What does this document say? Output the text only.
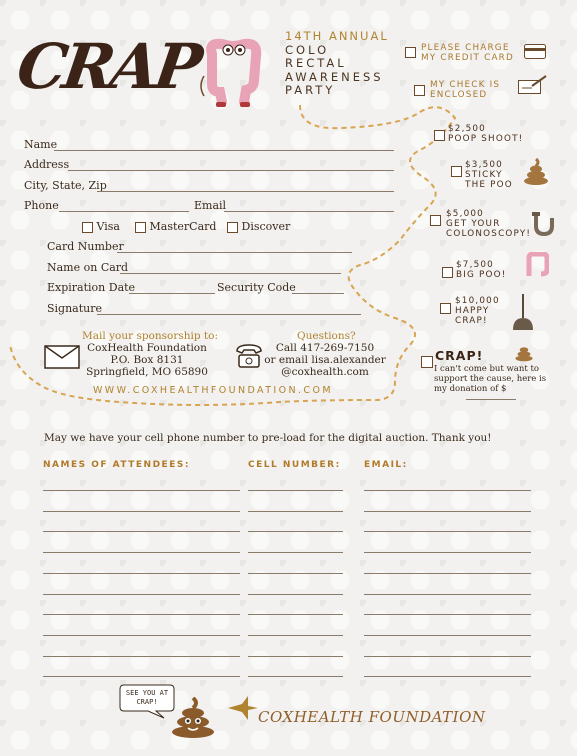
CRAP	14TH ANNUAL
COLO
RECTAL
AWARENESS
PARTY
PLEASE CHARGE MY CREDIT CARD
MY CHECK IS ENCLOSED
$2,500
POOP SHOOT!
$3,500
STICKY THE POO
$5,000
GET YOUR COLONOSCOPY!
$7,500
BIG POO!
$10,000
HAPPY CRAP!
CRAP!
I can't come but want to support the cause, here is my donation of $
Name
Address
City, State, Zip
Phone	Email
Visa	MasterCard	Discover
Card Number
Name on Card
Expiration Date	Security Code
Signature
Mail your sponsorship to:
CoxHealth Foundation
P.O. Box 8131
Springfield, MO 65890
Questions?
Call 417-269-7150
or email lisa.alexander
@coxhealth.com
WWW.COXHEALTHFOUNDATION.COM
May we have your cell phone number to pre-load for the digital auction. Thank you!
NAMES OF ATTENDEES:	CELL NUMBER:	EMAIL:
SEE YOU AT CRAP!
COXHEALTH FOUNDATION
